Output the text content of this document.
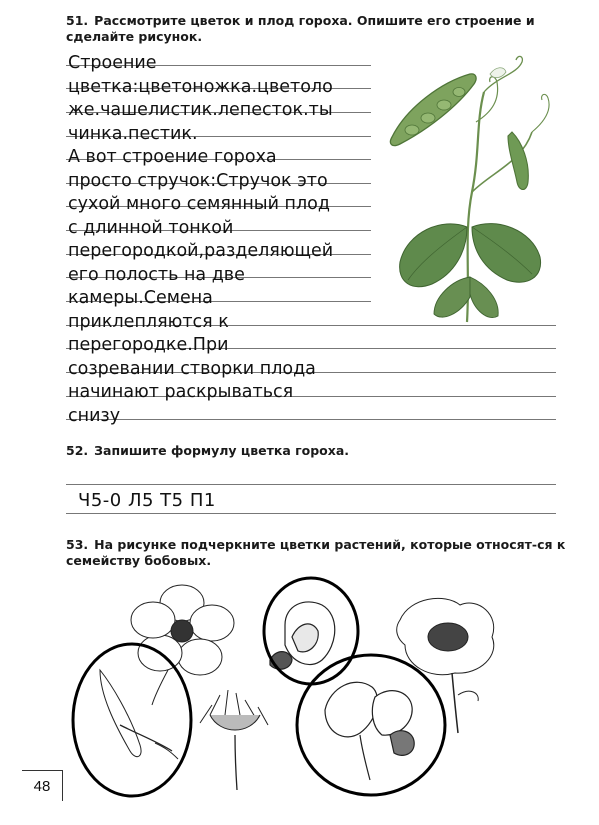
51. Рассмотрите цветок и плод гороха. Опишите его строение и сделайте рисунок.
Строение
цветка:цветоножка.цветоло
же.чашелистик.лепесток.ты
чинка.пестик.
А вот строение гороха
просто стручок:Стручок это
сухой много семянный плод
с длинной тонкой
перегородкой,разделяющей
его полость на две
камеры.Семена
приклепляются к
перегородке.При
созревании створки плода
начинают раскрываться
снизу
52. Запишите формулу цветка гороха.
Ч5-0 Л5 Т5 П1
53. На рисунке подчеркните цветки растений, которые относят-ся к семейству бобовых.
48
